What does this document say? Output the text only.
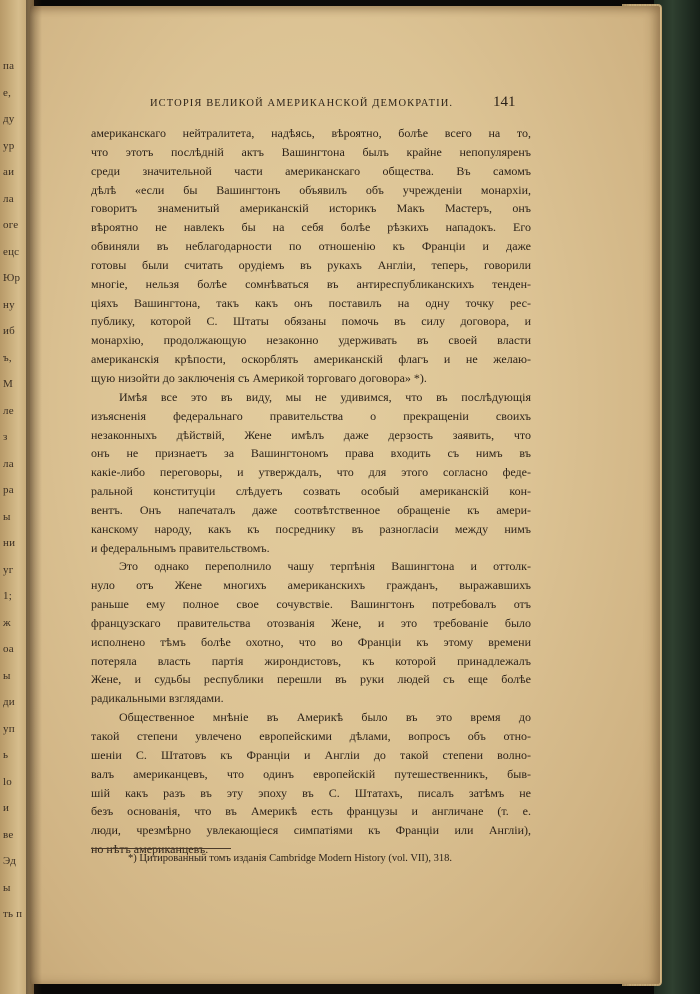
па
е,
ду
ур
аи
ла
оге
ецс
Юр
ну
иб
ъ,
М
ле
з
ла
ра
ы
ни
уг
1;
ж
оа
ы
ди
уп
ь
lo
и
ве
Эд
ы
ть п
ИСТОРІЯ ВЕЛИКОЙ АМЕРИКАНСКОЙ ДЕМОКРАТІИ.	141
американскаго нейтралитета, надѣясь, вѣроятно, болѣе всего на то,
что этотъ послѣдній актъ Вашингтона былъ крайне непопуляренъ
среди значительной части американскаго общества. Въ самомъ
дѣлѣ «если бы Вашингтонъ объявилъ объ учрежденіи монархіи,
говоритъ знаменитый американскій историкъ Макъ Мастеръ, онъ
вѣроятно не навлекъ бы на себя болѣе рѣзкихъ нападокъ. Его
обвиняли въ неблагодарности по отношенію къ Франціи и даже
готовы были считать орудіемъ въ рукахъ Англіи, теперь, говорили
многіе, нельзя болѣе сомнѣваться въ антиреспубликанскихъ тенден-
ціяхъ Вашингтона, такъ какъ онъ поставилъ на одну точку рес-
публику, которой С. Штаты обязаны помочь въ силу договора, и
монархію, продолжающую незаконно удерживать въ своей власти
американскія крѣпости, оскорблять американскій флагъ и не желаю-
щую низойти до заключенія съ Америкой торговаго договора» *).
Имѣя все это въ виду, мы не удивимся, что въ послѣдующія
изъясненія федеральнаго правительства о прекращеніи своихъ
незаконныхъ дѣйствій, Жене имѣлъ даже дерзость заявить, что
онъ не признаетъ за Вашингтономъ права входить съ нимъ въ
какіе-либо переговоры, и утверждалъ, что для этого согласно феде-
ральной конституціи слѣдуетъ созвать особый американскій кон-
вентъ. Онъ напечаталъ даже соотвѣтственное обращеніе къ амери-
канскому народу, какъ къ посреднику въ разногласіи между нимъ
и федеральнымъ правительствомъ.
Это однако переполнило чашу терпѣнія Вашингтона и оттолк-
нуло отъ Жене многихъ американскихъ гражданъ, выражавшихъ
раньше ему полное свое сочувствіе. Вашингтонъ потребовалъ отъ
французскаго правительства отозванія Жене, и это требованіе было
исполнено тѣмъ болѣе охотно, что во Франціи къ этому времени
потеряла власть партія жирондистовъ, къ которой принадлежалъ
Жене, и судьбы республики перешли въ руки людей съ еще болѣе
радикальными взглядами.
Общественное мнѣніе въ Америкѣ было въ это время до
такой степени увлечено европейскими дѣлами, вопросъ объ отно-
шеніи С. Штатовъ къ Франціи и Англіи до такой степени волно-
валъ американцевъ, что одинъ европейскій путешественникъ, быв-
шій какъ разъ въ эту эпоху въ С. Штатахъ, писалъ затѣмъ не
безъ основанія, что въ Америкѣ есть французы и англичане (т. е.
люди, чрезмѣрно увлекающіеся симпатіями къ Франціи или Англіи),
но нѣтъ американцевъ.
*) Цитированный томъ изданія Cambridge Modern History (vol. VII), 318.
